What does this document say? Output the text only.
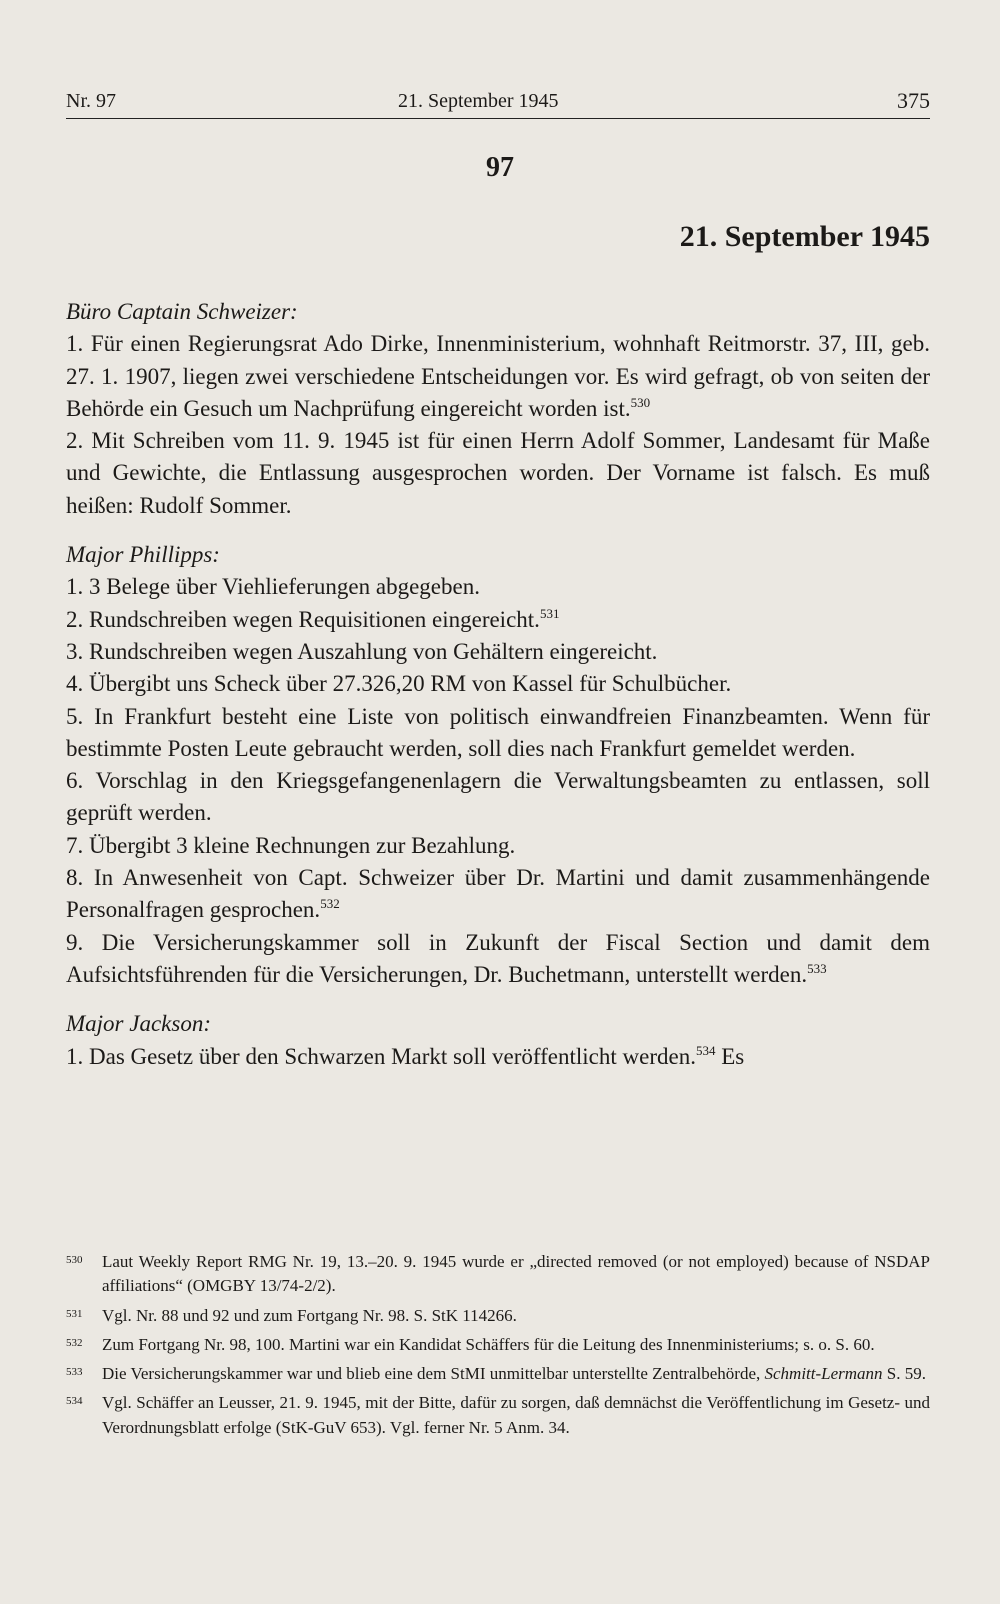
Nr. 97	21. September 1945	375
97
21. September 1945

Büro Captain Schweizer:

1. Für einen Regierungsrat Ado Dirke, Innenministerium, wohnhaft Reitmorstr. 37, III, geb. 27. 1. 1907, liegen zwei verschiedene Entscheidungen vor. Es wird gefragt, ob von seiten der Behörde ein Gesuch um Nachprüfung eingereicht worden ist.$^{530}$

2. Mit Schreiben vom 11. 9. 1945 ist für einen Herrn Adolf Sommer, Landesamt für Maße und Gewichte, die Entlassung ausgesprochen worden. Der Vorname ist falsch. Es muß heißen: Rudolf Sommer.

Major Phillipps:

1. 3 Belege über Viehlieferungen abgegeben.

2. Rundschreiben wegen Requisitionen eingereicht.$^{531}$

3. Rundschreiben wegen Auszahlung von Gehältern eingereicht.

4. Übergibt uns Scheck über 27.326,20 RM von Kassel für Schulbücher.

5. In Frankfurt besteht eine Liste von politisch einwandfreien Finanzbeamten. Wenn für bestimmte Posten Leute gebraucht werden, soll dies nach Frankfurt gemeldet werden.

6. Vorschlag in den Kriegsgefangenenlagern die Verwaltungsbeamten zu entlassen, soll geprüft werden.

7. Übergibt 3 kleine Rechnungen zur Bezahlung.

8. In Anwesenheit von Capt. Schweizer über Dr. Martini und damit zusammenhängende Personalfragen gesprochen.$^{532}$

9. Die Versicherungskammer soll in Zukunft der Fiscal Section und damit dem Aufsichtsführenden für die Versicherungen, Dr. Buchetmann, unterstellt werden.$^{533}$

Major Jackson:

1. Das Gesetz über den Schwarzen Markt soll veröffentlicht werden.$^{534}$ Es

530 Laut Weekly Report RMG Nr. 19, 13.–20. 9. 1945 wurde er „directed removed (or not employed) because of NSDAP affiliations“ (OMGBY 13/74-2/2).
531 Vgl. Nr. 88 und 92 und zum Fortgang Nr. 98. S. StK 114266.
532 Zum Fortgang Nr. 98, 100. Martini war ein Kandidat Schäffers für die Leitung des Innenministeriums; s. o. S. 60.
533 Die Versicherungskammer war und blieb eine dem StMI unmittelbar unterstellte Zentralbehörde, Schmitt-Lermann S. 59.
534 Vgl. Schäffer an Leusser, 21. 9. 1945, mit der Bitte, dafür zu sorgen, daß demnächst die Veröffentlichung im Gesetz- und Verordnungsblatt erfolge (StK-GuV 653). Vgl. ferner Nr. 5 Anm. 34.
